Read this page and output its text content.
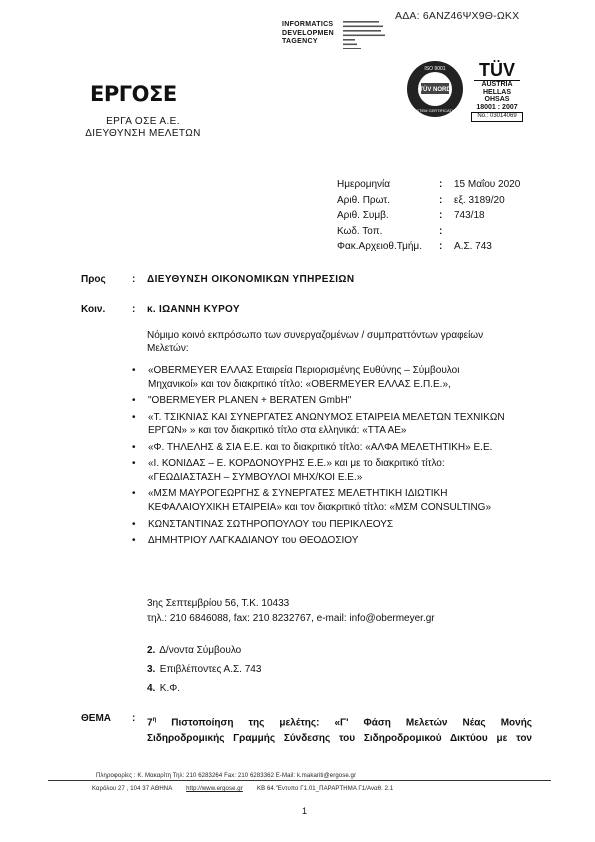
ΑΔΑ: 6ΑΝΖ46ΨΧ9Θ-ΩΚΧ
INFORMATICS
DEVELOPMEN
TAGENCY
ΕΡΓΟΣΕ
ΕΡΓΑ ΟΣΕ Α.Ε.
ΔΙΕΥΘΥΝΣΗ ΜΕΛΕΤΩΝ
TÜV NORD
ISO 9001
SYSTEM CERTIFICATION
TÜV
AUSTRIA
HELLAS
OHSAS
18001 : 2007
No.: 03014069
Ημερομηνία	:	15 Μαΐου 2020
Αριθ. Πρωτ.	:	εξ. 3189/20
Αριθ. Συμβ.	:	743/18
Κωδ. Τοπ.	:	
Φακ.Αρχειοθ.Τμήμ.	:	Α.Σ. 743
Προς	: ΔΙΕΥΘΥΝΣΗ ΟΙΚΟΝΟΜΙΚΩΝ ΥΠΗΡΕΣΙΩΝ
Κοιν.	: κ. ΙΩΑΝΝΗ ΚΥΡΟΥ
Νόμιμο κοινό εκπρόσωπο των συνεργαζομένων / συμπραττόντων γραφείων Μελετών:
• «OBERMEYER ΕΛΛΑΣ Εταιρεία Περιορισμένης Ευθύνης – Σύμβουλοι Μηχανικοί» και τον διακριτικό τίτλο: «OBERMEYER ΕΛΛΑΣ Ε.Π.Ε.»,
• "OBERMEYER PLANEN + BERATEN GmbH"
• «Τ. ΤΣΙΚΝΙΑΣ ΚΑΙ ΣΥΝΕΡΓΑΤΕΣ ΑΝΩΝΥΜΟΣ ΕΤΑΙΡΕΙΑ ΜΕΛΕΤΩΝ ΤΕΧΝΙΚΩΝ ΕΡΓΩΝ» » και τον διακριτικό τίτλο στα ελληνικά: «ΤΤΑ ΑΕ»
• «Φ. ΤΗΛΕΛΗΣ & ΣΙΑ Ε.Ε. και το διακριτικό τίτλο: «ΑΛΦΑ ΜΕΛΕΤΗΤΙΚΗ» Ε.Ε.
• «Ι. ΚΟΝΙΔΑΣ – Ε. ΚΟΡΔΟΝΟΥΡΗΣ Ε.Ε.» και με το διακριτικό τίτλο: «ΓΕΩΔΙΑΣΤΑΣΗ – ΣΥΜΒΟΥΛΟΙ ΜΗΧ/ΚΟΙ Ε.Ε.»
• «ΜΣΜ ΜΑΥΡΟΓΕΩΡΓΗΣ & ΣΥΝΕΡΓΑΤΕΣ ΜΕΛΕΤΗΤΙΚΗ ΙΔΙΩΤΙΚΗ ΚΕΦΑΛΑΙΟΥΧΙΚΗ ΕΤΑΙΡΕΙΑ» και τον διακριτικό τίτλο: «ΜΣΜ CONSULTING»
• ΚΩΝΣΤΑΝΤΙΝΑΣ ΣΩΤΗΡΟΠΟΥΛΟΥ του ΠΕΡΙΚΛΕΟΥΣ
• ΔΗΜΗΤΡΙΟΥ ΛΑΓΚΑΔΙΑΝΟΥ του ΘΕΟΔΟΣΙΟΥ
3ης Σεπτεμβρίου 56, Τ.Κ. 10433
τηλ.: 210 6846088, fax: 210 8232767, e-mail: info@obermeyer.gr
2. Δ/νοντα Σύμβουλο
3. Επιβλέποντες Α.Σ. 743
4. Κ.Φ.
ΘΕΜΑ : $7^\eta$ Πιστοποίηση της μελέτης: «Γ' Φάση Μελετών Νέας Μονής
Σιδηροδρομικής Γραμμής Σύνδεσης του Σιδηροδρομικού Δικτύου με τον
Πληροφορίες : Κ. Μακαρίτη Τηλ: 210 6283264 Fax: 210 6283362 E-Mail: k.makariti@ergose.gr
Καρόλου 27 , 104 37 ΑΘΗΝΑ http://www.ergose.gr ΚΒ 64."Εντυπο Γ1.01_ΠΑΡΑΡΤΗΜΑ Γ1/Αναθ. 2.1
1
